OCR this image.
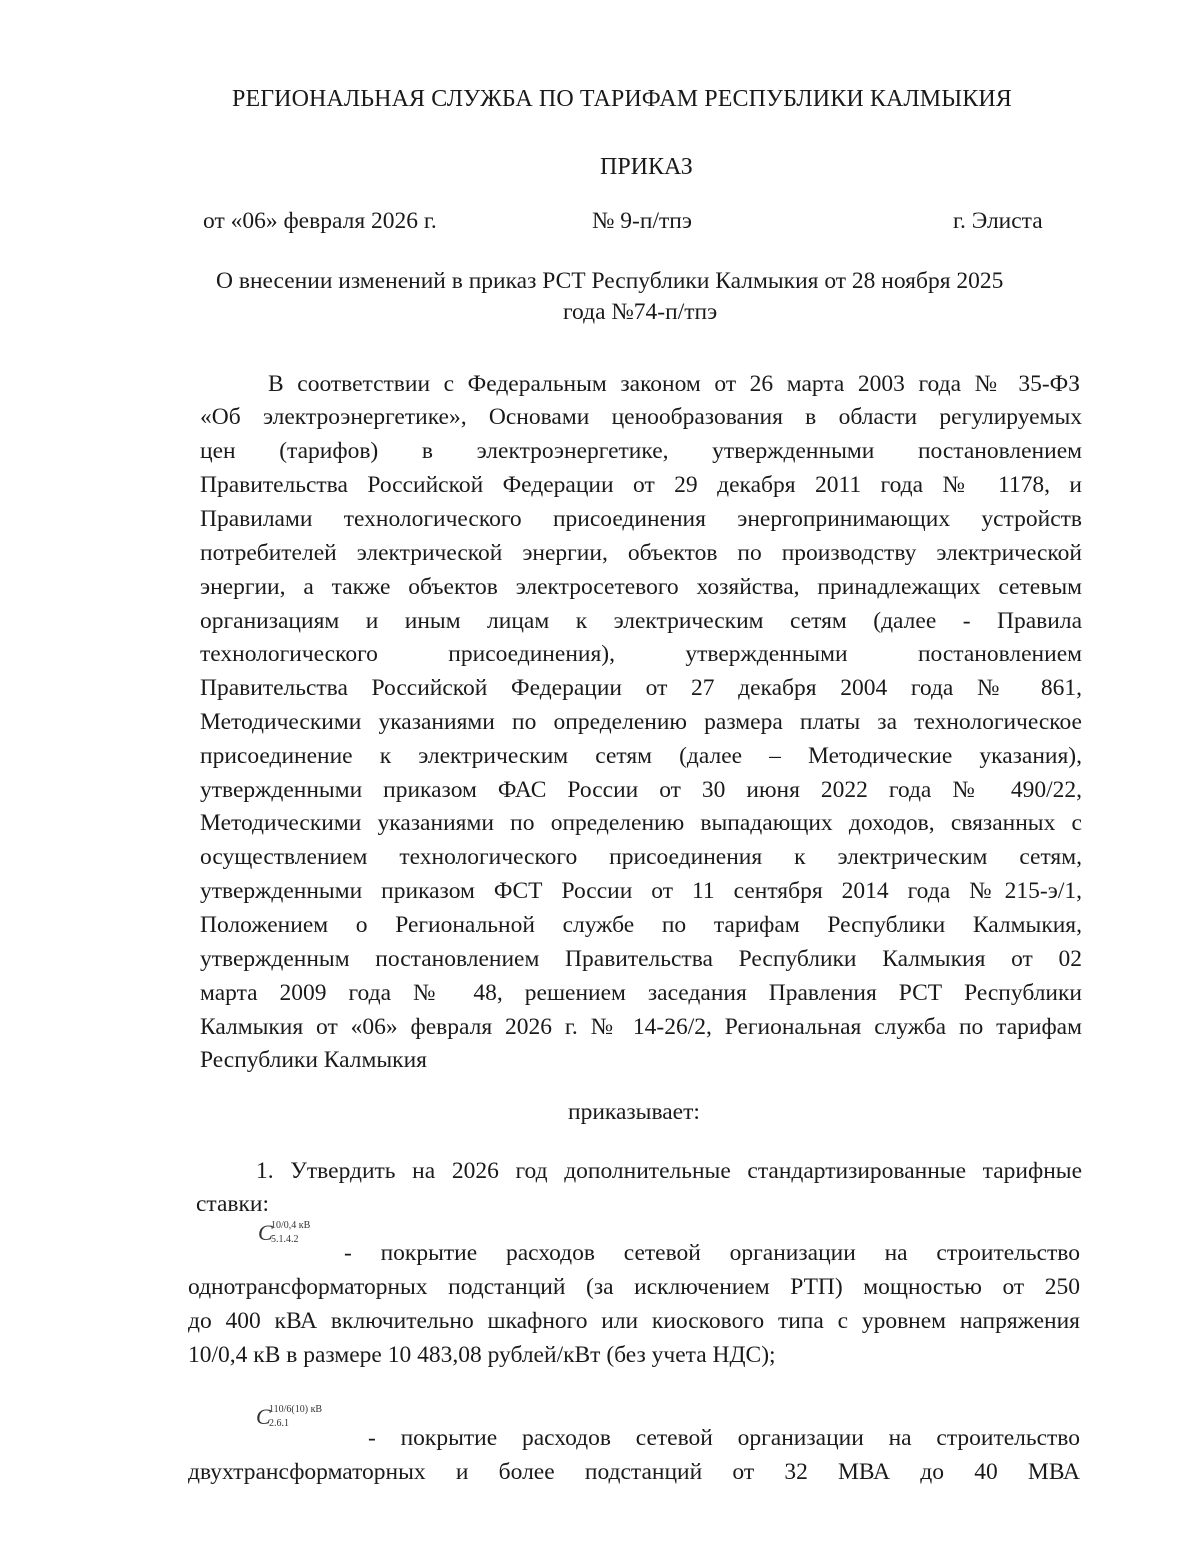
РЕГИОНАЛЬНАЯ СЛУЖБА ПО ТАРИФАМ РЕСПУБЛИКИ КАЛМЫКИЯ
ПРИКАЗ
от «06» февраля 2026 г.	№ 9-п/тпэ	г. Элиста
О внесении изменений в приказ РСТ Республики Калмыкия от 28 ноября 2025
года №74-п/тпэ
В соответствии с Федеральным законом от 26 марта 2003 года № 35-ФЗ
«Об электроэнергетике», Основами ценообразования в области регулируемых
цен (тарифов) в электроэнергетике, утвержденными постановлением
Правительства Российской Федерации от 29 декабря 2011 года № 1178, и
Правилами технологического присоединения энергопринимающих устройств
потребителей электрической энергии, объектов по производству электрической
энергии, а также объектов электросетевого хозяйства, принадлежащих сетевым
организациям и иным лицам к электрическим сетям (далее - Правила
технологического присоединения), утвержденными постановлением
Правительства Российской Федерации от 27 декабря 2004 года № 861,
Методическими указаниями по определению размера платы за технологическое
присоединение к электрическим сетям (далее – Методические указания),
утвержденными приказом ФАС России от 30 июня 2022 года № 490/22,
Методическими указаниями по определению выпадающих доходов, связанных с
осуществлением технологического присоединения к электрическим сетям,
утвержденными приказом ФСТ России от 11 сентября 2014 года №215-э/1,
Положением о Региональной службе по тарифам Республики Калмыкия,
утвержденным постановлением Правительства Республики Калмыкия от 02
марта 2009 года № 48, решением заседания Правления РСТ Республики
Калмыкия от «06» февраля 2026 г. № 14-26/2, Региональная служба по тарифам
Республики Калмыкия
приказывает:
1. Утвердить на 2026 год дополнительные стандартизированные тарифные
ставки:
C
10/0,4 кВ
5.1.4.2
- покрытие расходов сетевой организации на строительство
однотрансформаторных подстанций (за исключением РТП) мощностью от 250
до 400 кВА включительно шкафного или киоскового типа с уровнем напряжения
10/0,4 кВ в размере 10 483,08 рублей/кВт (без учета НДС);
C
110/6(10) кВ
2.6.1
- покрытие расходов сетевой организации на строительство
двухтрансформаторных и более подстанций от 32 МВА до 40 МВА
